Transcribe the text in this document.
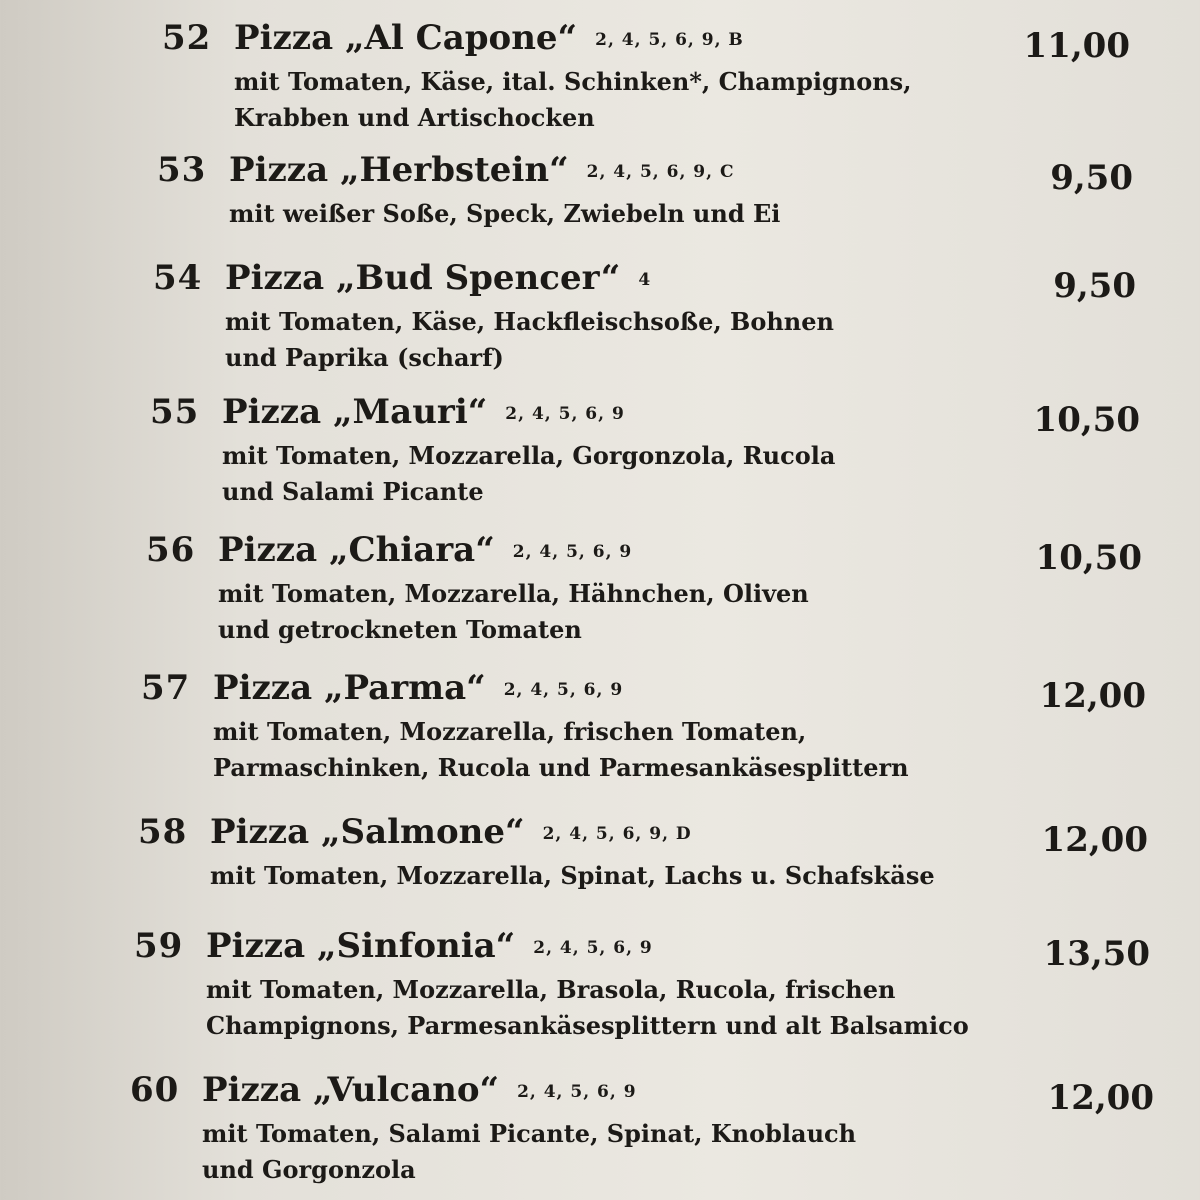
52 Pizza „Al Capone“ 2, 4, 5, 6, 9, B
mit Tomaten, Käse, ital. Schinken*, Champignons,
Krabben und Artischocken
11,00
53 Pizza „Herbstein“ 2, 4, 5, 6, 9, C
mit weißer Soße, Speck, Zwiebeln und Ei
9,50
54 Pizza „Bud Spencer“ 4
mit Tomaten, Käse, Hackfleischsoße, Bohnen
und Paprika (scharf)
9,50
55 Pizza „Mauri“ 2, 4, 5, 6, 9
mit Tomaten, Mozzarella, Gorgonzola, Rucola
und Salami Picante
10,50
56 Pizza „Chiara“ 2, 4, 5, 6, 9
mit Tomaten, Mozzarella, Hähnchen, Oliven
und getrockneten Tomaten
10,50
57 Pizza „Parma“ 2, 4, 5, 6, 9
mit Tomaten, Mozzarella, frischen Tomaten,
Parmaschinken, Rucola und Parmesankäsesplittern
12,00
58 Pizza „Salmone“ 2, 4, 5, 6, 9, D
mit Tomaten, Mozzarella, Spinat, Lachs u. Schafskäse
12,00
59 Pizza „Sinfonia“ 2, 4, 5, 6, 9
mit Tomaten, Mozzarella, Brasola, Rucola, frischen
Champignons, Parmesankäsesplittern und alt Balsamico
13,50
60 Pizza „Vulcano“ 2, 4, 5, 6, 9
mit Tomaten, Salami Picante, Spinat, Knoblauch
und Gorgonzola
12,00
